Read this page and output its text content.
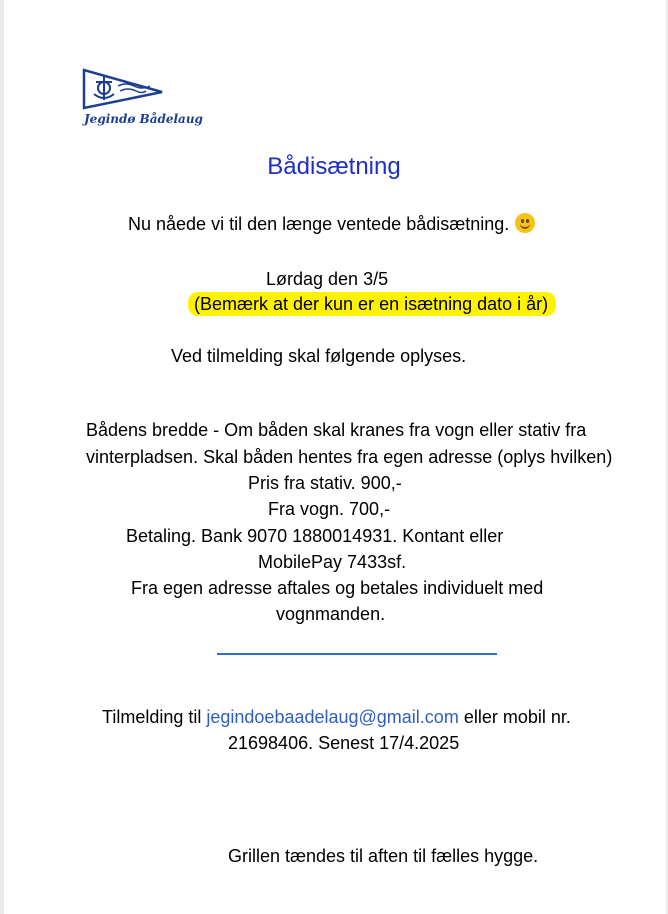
Jegindø Bådelaug
Bådisætning
Nu nåede vi til den længe ventede bådisætning.
Lørdag den 3/5
(Bemærk at der kun er en isætning dato i år)
Ved tilmelding skal følgende oplyses.
Bådens bredde - Om båden skal kranes fra vogn eller stativ fra
vinterpladsen. Skal båden hentes fra egen adresse (oplys hvilken)
Pris fra stativ. 900,-
Fra vogn. 700,-
Betaling. Bank 9070 1880014931. Kontant eller
MobilePay 7433sf.
Fra egen adresse aftales og betales individuelt med
vognmanden.
Tilmelding til jegindoebaadelaug@gmail.com eller mobil nr.
21698406. Senest 17/4.2025
Grillen tændes til aften til fælles hygge.
